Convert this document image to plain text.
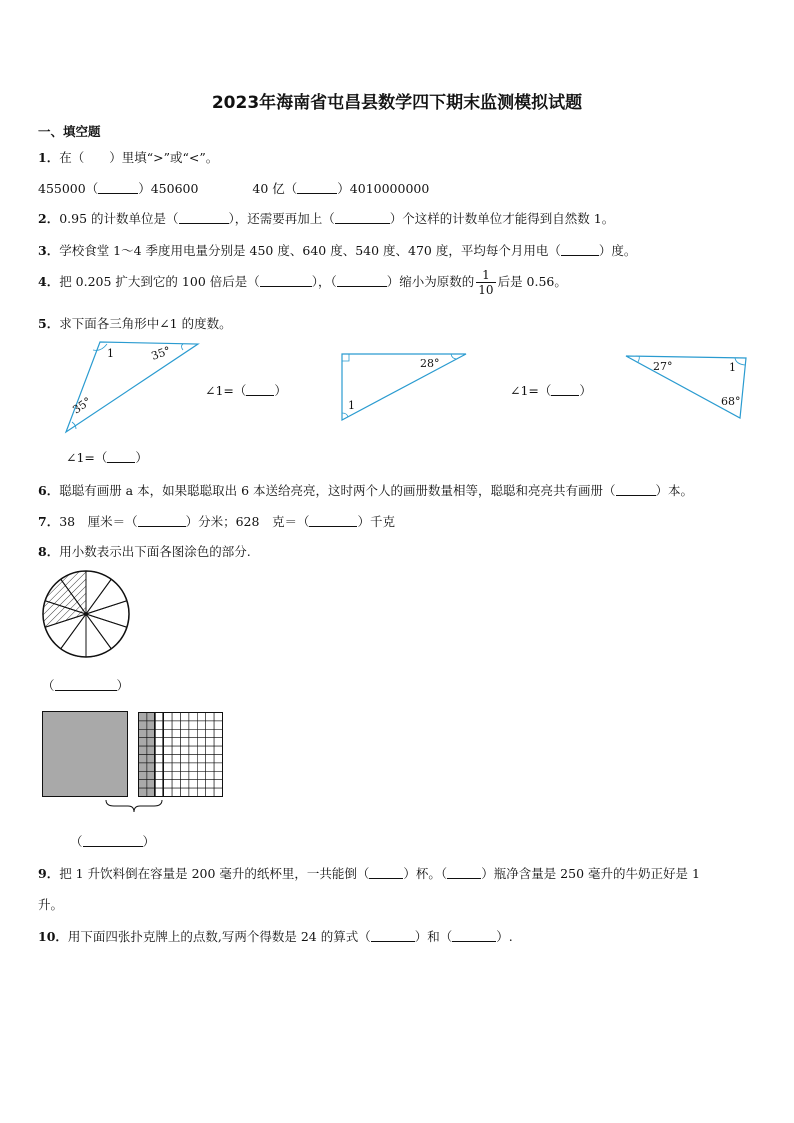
2023年海南省屯昌县数学四下期末监测模拟试题
一、填空题
1．在（　　）里填“>”或“<”。
455000（	）450600	40 亿（	）4010000000
2．0.95 的计数单位是（	），还需要再加上（	）个这样的计数单位才能得到自然数 1。
3．学校食堂 1～4 季度用电量分别是 450 度、640 度、540 度、470 度，平均每个月用电（	）度。
4．把 0.205 扩大到它的 100 倍后是（	），（	）缩小为原数的 $\frac{1}{10}$ 后是 0.56。
5．求下面各三角形中∠1 的度数。
1	35°
35°
∠1=（ ）
∠1=（ ）
28°
1
∠1=（ ）
27°	1
68°
6．聪聪有画册 a 本，如果聪聪取出 6 本送给亮亮，这时两个人的画册数量相等，聪聪和亮亮共有画册（	）本。
7．38　厘米＝（	）分米；628　克＝（	）千克
8．用小数表示出下面各图涂色的部分.
（	）
（	）
9．把 1 升饮料倒在容量是 200 毫升的纸杯里，一共能倒（	）杯。（	）瓶净含量是 250 毫升的牛奶正好是 1
升。
10．用下面四张扑克牌上的点数,写两个得数是 24 的算式（	）和（	）.
